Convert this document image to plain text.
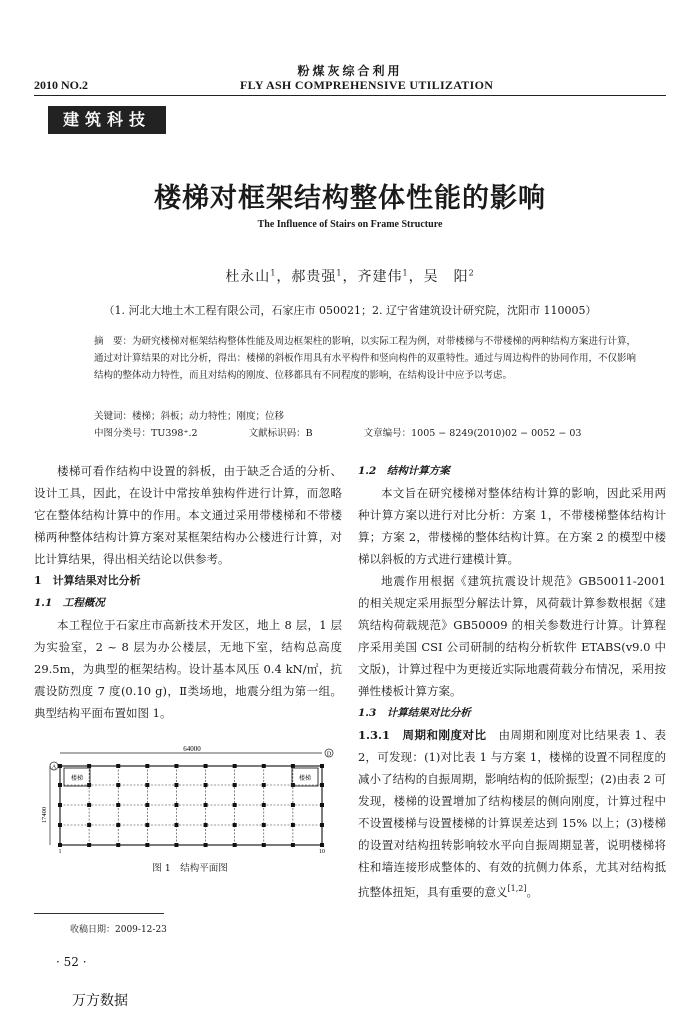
粉煤灰综合利用
2010 NO.2	FLY ASH COMPREHENSIVE UTILIZATION
建筑科技
楼梯对框架结构整体性能的影响
The Influence of Stairs on Frame Structure
杜永山$^1$，郝贵强$^1$，齐建伟$^1$，吴　阳$^2$
（1. 河北大地土木工程有限公司，石家庄市 050021；2. 辽宁省建筑设计研究院，沈阳市 110005）
摘　要：为研究楼梯对框架结构整体性能及周边框架柱的影响，以实际工程为例，对带楼梯与不带楼梯的两种结构方案进行计算，通过对计算结果的对比分析，得出：楼梯的斜板作用具有水平构件和竖向构件的双重特性。通过与周边构件的协同作用，不仅影响结构的整体动力特性，而且对结构的刚度、位移都具有不同程度的影响，在结构设计中应予以考虑。
关键词：楼梯；斜板；动力特性；刚度；位移
中图分类号：TU398⁺.2	文献标识码：B	文章编号：1005 − 8249(2010)02 − 0052 − 03

楼梯可看作结构中设置的斜板，由于缺乏合适的分析、设计工具，因此，在设计中常按单独构件进行计算，而忽略它在整体结构计算中的作用。本文通过采用带楼梯和不带楼梯两种整体结构计算方案对某框架结构办公楼进行计算，对比计算结果，得出相关结论以供参考。

1　计算结果对比分析

1.1　工程概况

本工程位于石家庄市高新技术开发区，地上 8 层，1 层为实验室，2 ~ 8 层为办公楼层，无地下室，结构总高度 29.5m，为典型的框架结构。设计基本风压 0.4 kN/㎡，抗震设防烈度 7 度(0.10 g)，Ⅱ类场地，地震分组为第一组。典型结构平面布置如图 1。

1.2　结构计算方案

本文旨在研究楼梯对整体结构计算的影响，因此采用两种计算方案以进行对比分析：方案 1，不带楼梯整体结构计算；方案 2，带楼梯的整体结构计算。在方案 2 的模型中楼梯以斜板的方式进行建模计算。

地震作用根据《建筑抗震设计规范》GB50011-2001 的相关规定采用振型分解法计算，风荷载计算参数根据《建筑结构荷载规范》GB50009 的相关参数进行计算。计算程序采用美国 CSI 公司研制的结构分析软件 ETABS(v9.0 中文版)，计算过程中为更接近实际地震荷载分布情况，采用按弹性楼板计算方案。

1.3　计算结果对比分析

1.3.1　周期和刚度对比　 由周期和刚度对比结果表 1、表 2，可发现：(1)对比表 1 与方案 1，楼梯的设置不同程度的减小了结构的自振周期，影响结构的低阶振型；(2)由表 2 可发现，楼梯的设置增加了结构楼层的侧向刚度，计算过程中不设置楼梯与设置楼梯的计算误差达到 15% 以上；(3)楼梯的设置对结构扭转影响较水平向自振周期显著，说明楼梯将柱和墙连接形成整体的、有效的抗侧力体系，尤其对结构抵抗整体扭矩，具有重要的意义[1,2]。

64000
A
D
17400
楼梯	楼梯
1	10
图 1　结构平面图
收稿日期：2009-12-23
· 52 ·
万方数据
